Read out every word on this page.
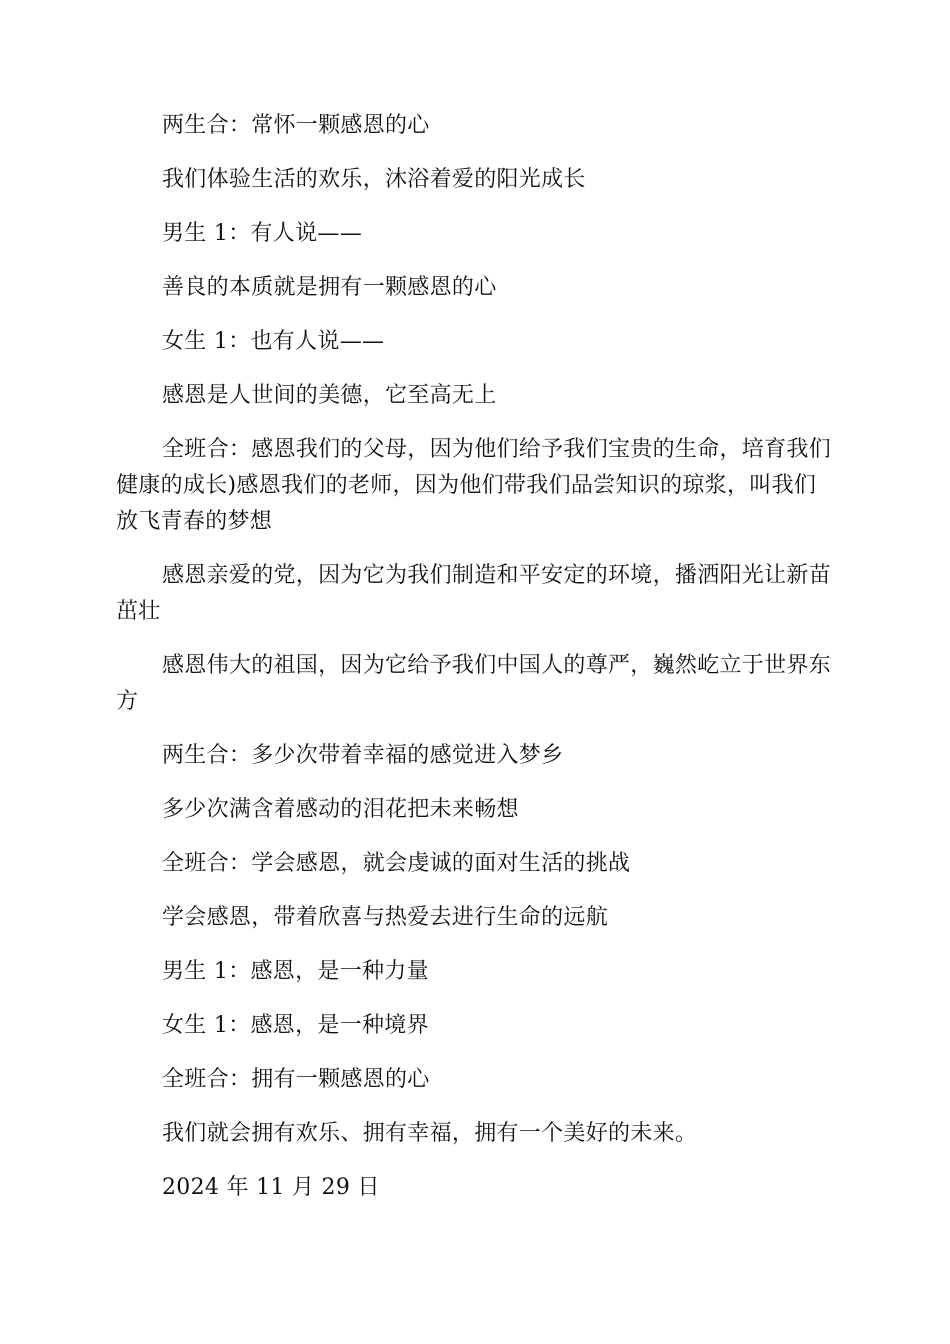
两生合：常怀一颗感恩的心

我们体验生活的欢乐，沐浴着爱的阳光成长

男生 1：有人说——

善良的本质就是拥有一颗感恩的心

女生 1：也有人说——

感恩是人世间的美德，它至高无上

全班合：感恩我们的父母，因为他们给予我们宝贵的生命，培育我们健康的成长)感恩我们的老师，因为他们带我们品尝知识的琼浆，叫我们放飞青春的梦想

感恩亲爱的党，因为它为我们制造和平安定的环境，播洒阳光让新苗茁壮

感恩伟大的祖国，因为它给予我们中国人的尊严，巍然屹立于世界东方

两生合：多少次带着幸福的感觉进入梦乡

多少次满含着感动的泪花把未来畅想

全班合：学会感恩，就会虔诚的面对生活的挑战

学会感恩，带着欣喜与热爱去进行生命的远航

男生 1：感恩，是一种力量

女生 1：感恩，是一种境界

全班合：拥有一颗感恩的心

我们就会拥有欢乐、拥有幸福，拥有一个美好的未来。

2024 年 11 月 29 日
